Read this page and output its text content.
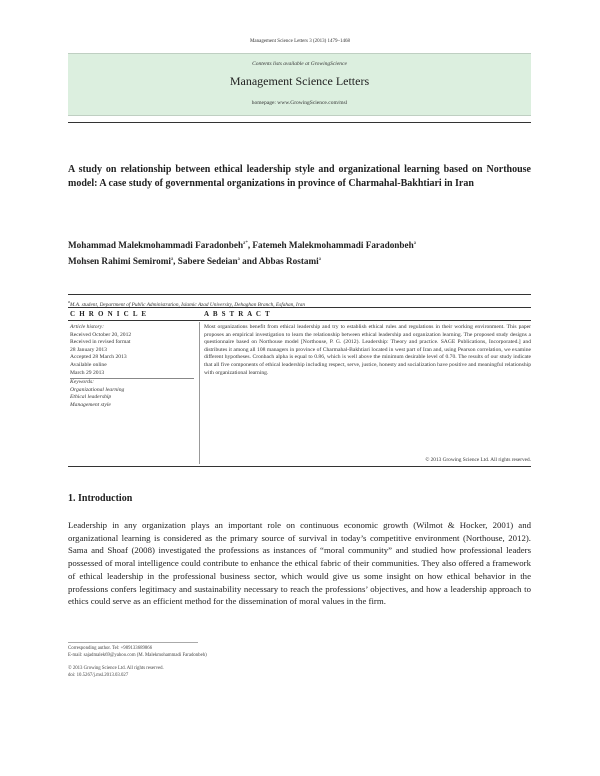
Management Science Letters 3 (2013) 1479–1468
Contents lists available at GrowingScience
Management Science Letters
homepage: www.GrowingScience.com/msl
A study on relationship between ethical leadership style and organizational learning based on Northouse model: A case study of governmental organizations in province of Charmahal-Bakhtiari in Iran
Mohammad Malekmohammadi Faradonbeh$^{a*}$, Fatemeh Malekmohammadi Faradonbeh$^a$
Mohsen Rahimi Semiromi$^a$, Sabere Sedeian$^a$ and Abbas Rostami$^a$
$^a$M.A. student, Department of Public Administration, Islamic Azad University, Dehaghan Branch, Esfahan, Iran
C H R O N I C L E	A B S T R A C T
Article history:
Received October 20, 2012
Received in revised format
28 January 2013
Accepted 28 March 2013
Available online
March 29 2013
Keywords:
Organizational learning
Ethical leadership
Management style
Most organizations benefit from ethical leadership and try to establish ethical rules and regulations in their working environment. This paper proposes an empirical investigation to learn the relationship between ethical leadership and organization learning. The proposed study designs a questionnaire based on Northouse model [Northouse, P. G. (2012). Leadership: Theory and practice. SAGE Publications, Incorporated.] and distributes it among all 108 managers in province of Charmahal-Bakhtiari located in west part of Iran and, using Pearson correlation, we examine different hypotheses. Cronbach alpha is equal to 0.86, which is well above the minimum desirable level of 0.70. The results of our study indicate that all five components of ethical leadership including respect, serve, justice, honesty and socialization have positive and meaningful relationship with organizational learning.
© 2013 Growing Science Ltd. All rights reserved.
1. Introduction
Leadership in any organization plays an important role on continuous economic growth (Wilmot & Hocker, 2001) and organizational learning is considered as the primary source of survival in today’s competitive environment (Northouse, 2012). Sama and Shoaf (2008) investigated the professions as instances of “moral community” and studied how professional leaders possessed of moral intelligence could contribute to enhance the ethical fabric of their communities. They also offered a framework of ethical leadership in the professional business sector, which would give us some insight on how ethical behavior in the professions confers legitimacy and sustainability necessary to reach the professions’ objectives, and how a leadership approach to ethics could serve as an efficient method for the dissemination of moral values in the firm.
Corresponding author. Tel: +989133689866
E-mail: sajadmalek69@yahoo.com (M. Malekmohammadi Faradonbeh)
© 2013 Growing Science Ltd. All rights reserved.
doi: 10.5267/j.msl.2013.03.027
